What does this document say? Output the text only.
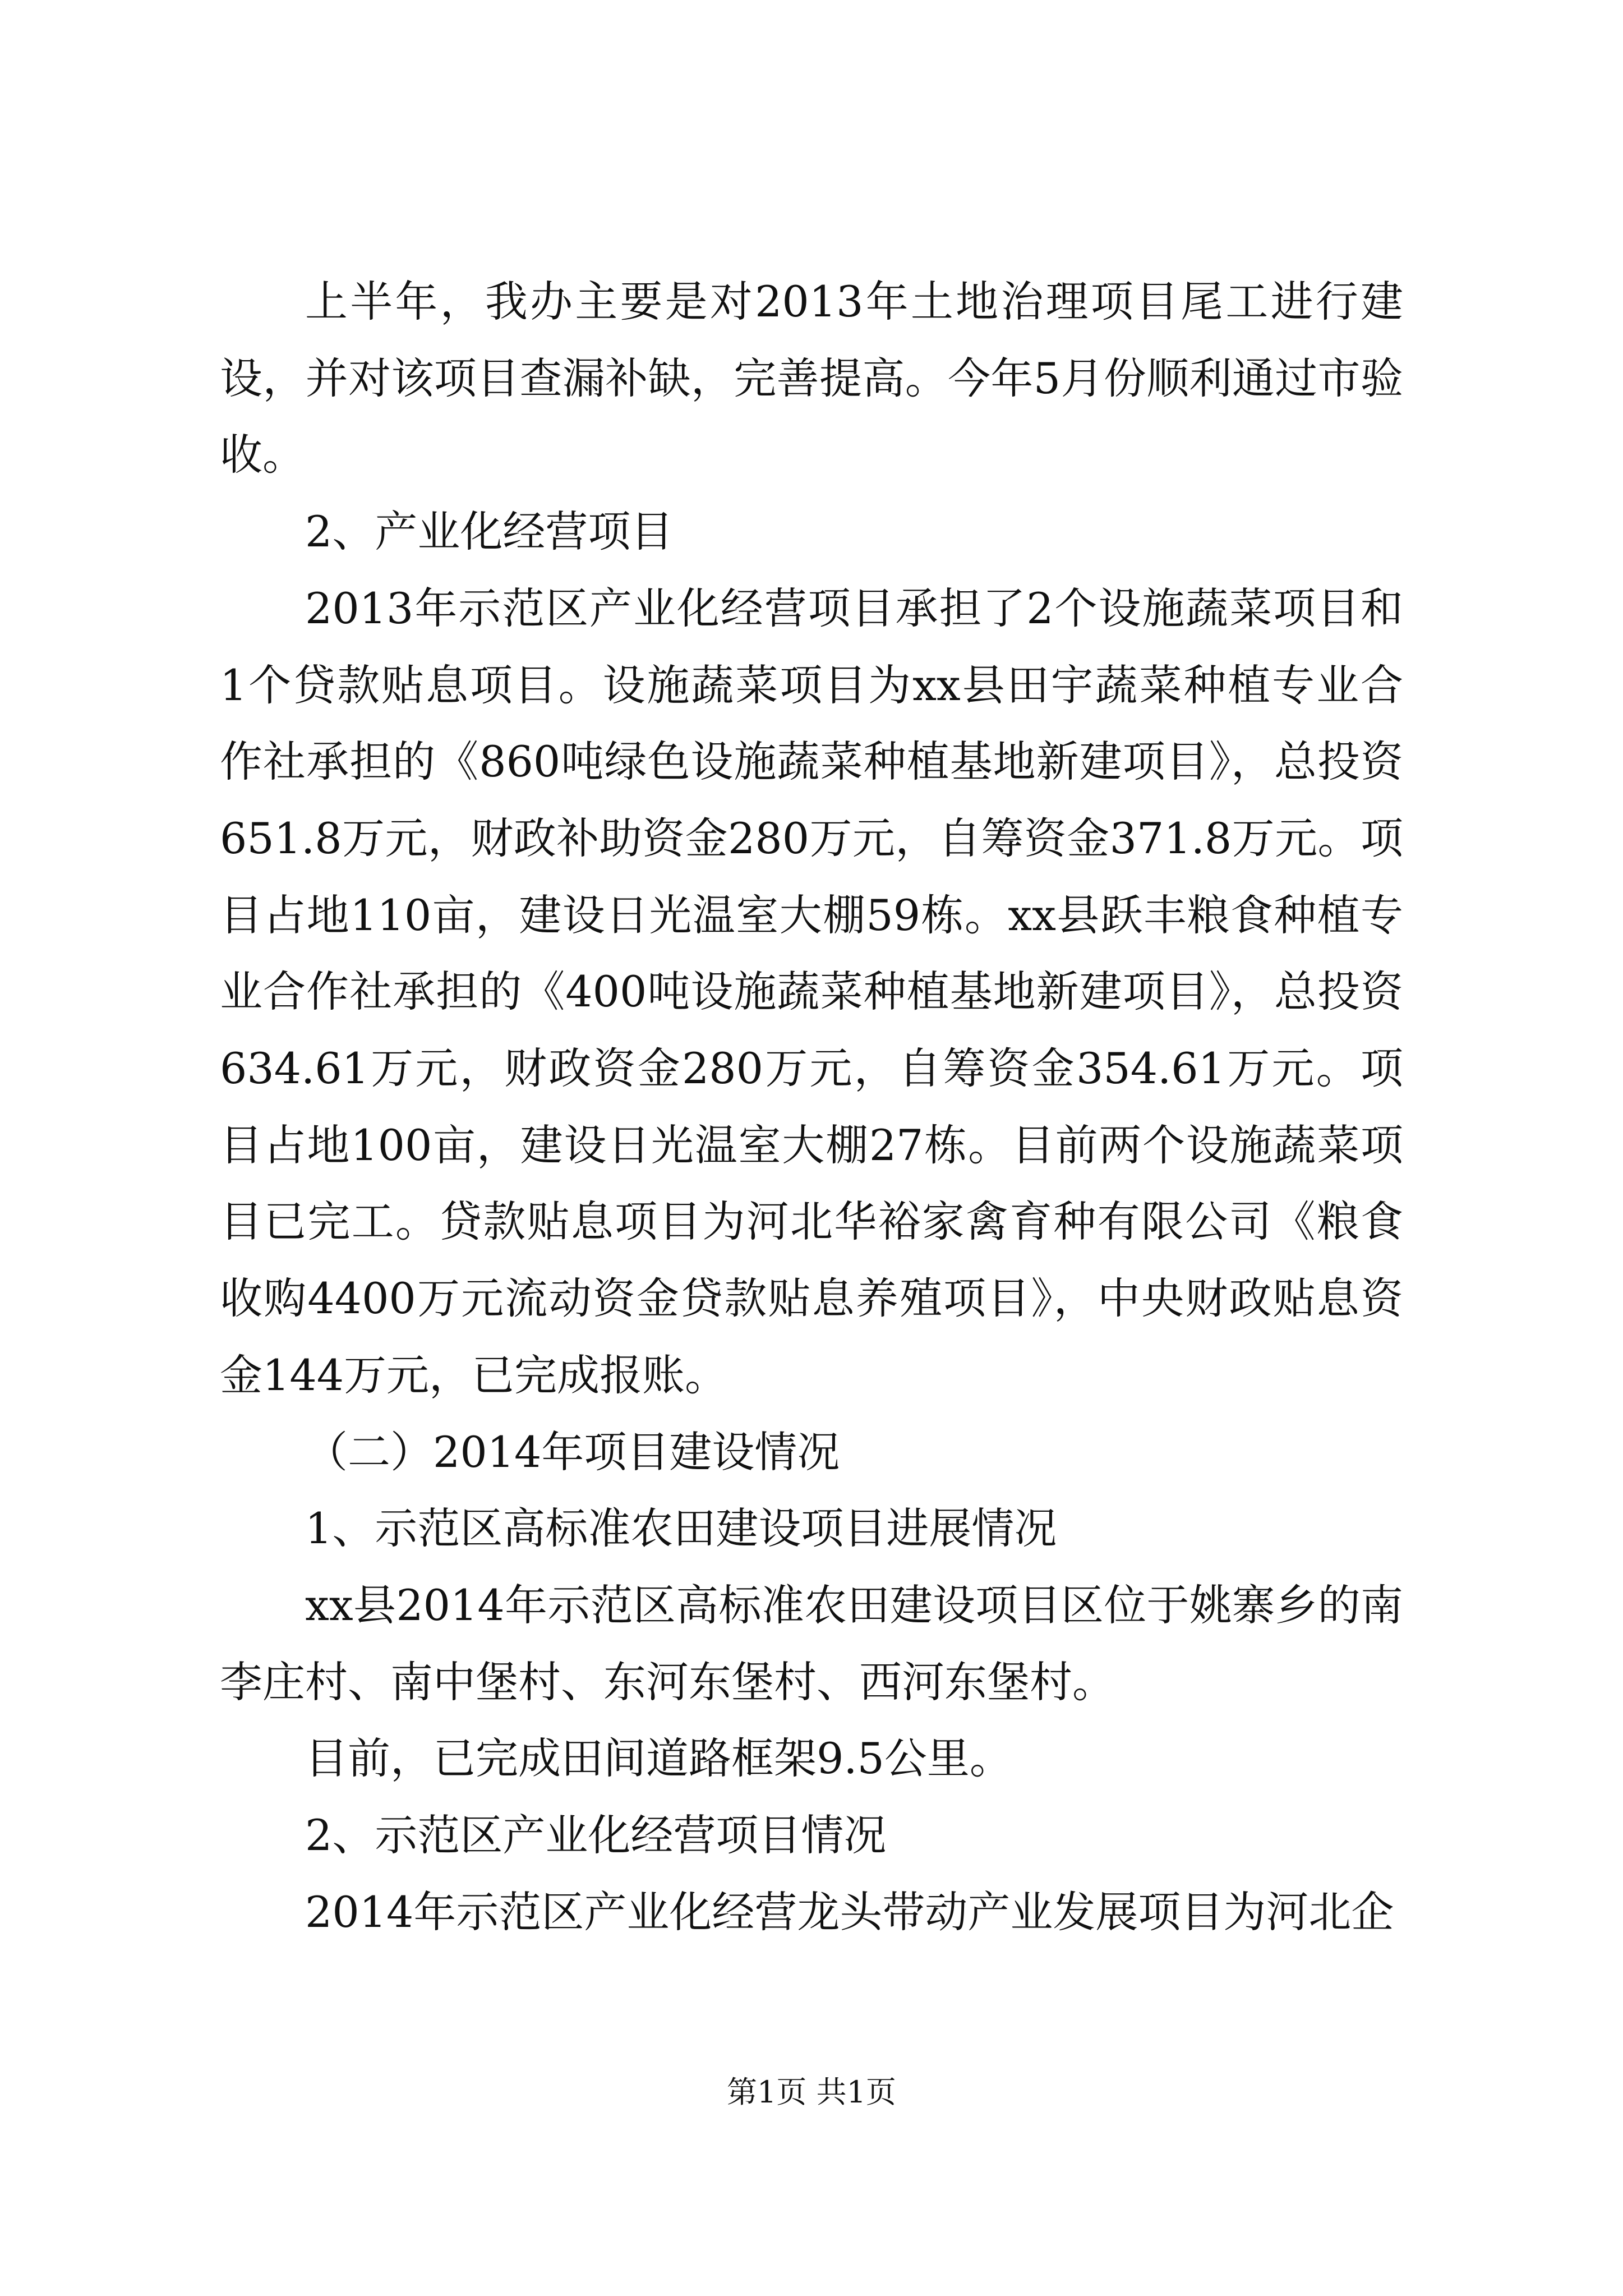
上半年，我办主要是对2013年土地治理项目尾工进行建设，并对该项目查漏补缺，完善提高。今年5月份顺利通过市验收。

2、产业化经营项目

2013年示范区产业化经营项目承担了2个设施蔬菜项目和1个贷款贴息项目。设施蔬菜项目为xx县田宇蔬菜种植专业合作社承担的《860吨绿色设施蔬菜种植基地新建项目》，总投资651.8万元，财政补助资金280万元，自筹资金371.8万元。项目占地110亩，建设日光温室大棚59栋。xx县跃丰粮食种植专业合作社承担的《400吨设施蔬菜种植基地新建项目》，总投资634.61万元，财政资金280万元，自筹资金354.61万元。项目占地100亩，建设日光温室大棚27栋。目前两个设施蔬菜项目已完工。贷款贴息项目为河北华裕家禽育种有限公司《粮食收购4400万元流动资金贷款贴息养殖项目》，中央财政贴息资金144万元，已完成报账。

（二）2014年项目建设情况

1、示范区高标准农田建设项目进展情况

xx县2014年示范区高标准农田建设项目区位于姚寨乡的南李庄村、南中堡村、东河东堡村、西河东堡村。

目前，已完成田间道路框架9.5公里。

2、示范区产业化经营项目情况

2014年示范区产业化经营龙头带动产业发展项目为河北企

第1页 共1页
